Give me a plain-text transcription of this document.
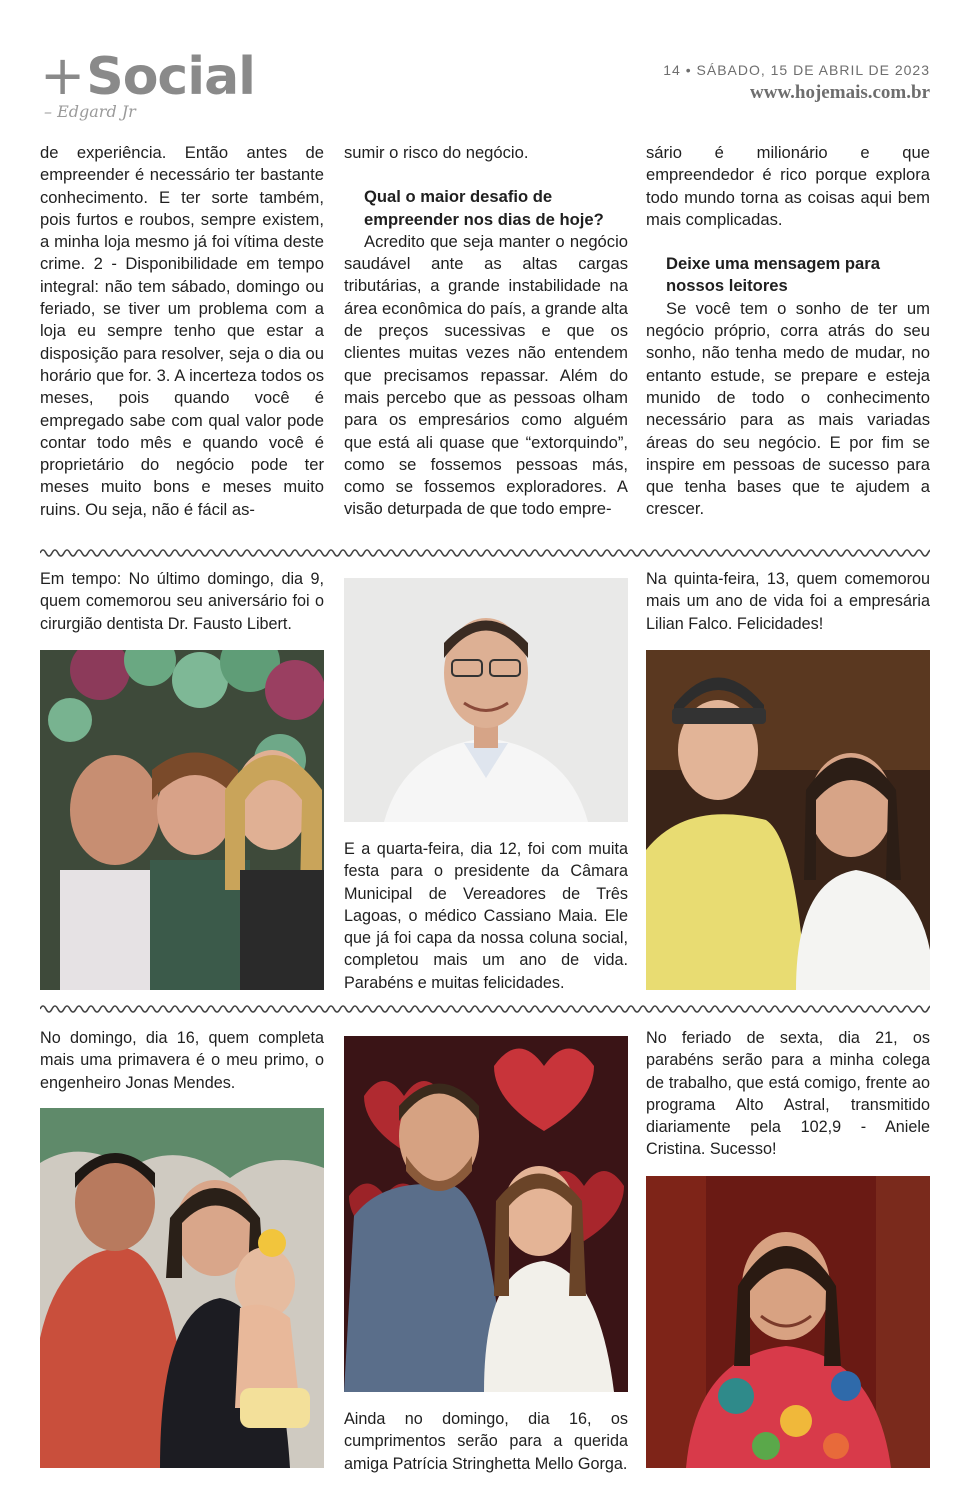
+Social
– Edgard Jr
14 • SÁBADO, 15 DE ABRIL DE 2023
www.hojemais.com.br

de experiência. Então antes de empreender é necessário ter bastante conhecimento. E ter sorte também, pois furtos e roubos, sempre existem, a minha loja mesmo já foi vítima deste crime. 2 - Disponibilidade em tempo integral: não tem sábado, domingo ou feriado, se tiver um problema com a loja eu sempre tenho que estar a disposição para resolver, seja o dia ou horário que for. 3. A incerteza todos os meses, pois quando você é empregado sabe com qual valor pode contar todo mês e quando você é proprietário do negócio pode ter meses muito bons e meses muito ruins. Ou seja, não é fácil as-

sumir o risco do negócio.

Qual o maior desafio de empreender nos dias de hoje?

Acredito que seja manter o negócio saudável ante as altas cargas tributárias, a grande instabilidade na área econômica do país, a grande alta de preços sucessivas e que os clientes muitas vezes não entendem que precisamos repassar. Além do mais percebo que as pessoas olham para os empresários como alguém que está ali quase que “extorquindo”, como se fossemos pessoas más, como se fossemos exploradores. A visão deturpada de que todo empre-

sário é milionário e que empreendedor é rico porque explora todo mundo torna as coisas aqui bem mais complicadas.

Deixe uma mensagem para nossos leitores

Se você tem o sonho de ter um negócio próprio, corra atrás do seu sonho, não tenha medo de mudar, no entanto estude, se prepare e esteja munido de todo o conhecimento necessário para as mais variadas áreas do seu negócio. E por fim se inspire em pessoas de sucesso para que tenha bases que te ajudem a crescer.

Em tempo: No último domingo, dia 9, quem comemorou seu aniversário foi o cirurgião dentista Dr. Fausto Libert.
E a quarta-feira, dia 12, foi com muita festa para o presidente da Câmara Municipal de Vereadores de Três Lagoas, o médico Cassiano Maia. Ele que já foi capa da nossa coluna social, completou mais um ano de vida. Parabéns e muitas felicidades.
Na quinta-feira, 13, quem comemorou mais um ano de vida foi a empresária Lilian Falco. Felicidades!
No domingo, dia 16, quem completa mais uma primavera é o meu primo, o engenheiro Jonas Mendes.
Ainda no domingo, dia 16, os cumprimentos serão para a querida amiga Patrícia Stringhetta Mello Gorga.
No feriado de sexta, dia 21, os parabéns serão para a minha colega de trabalho, que está comigo, frente ao programa Alto Astral, transmitido diariamente pela 102,9 - Aniele Cristina. Sucesso!
